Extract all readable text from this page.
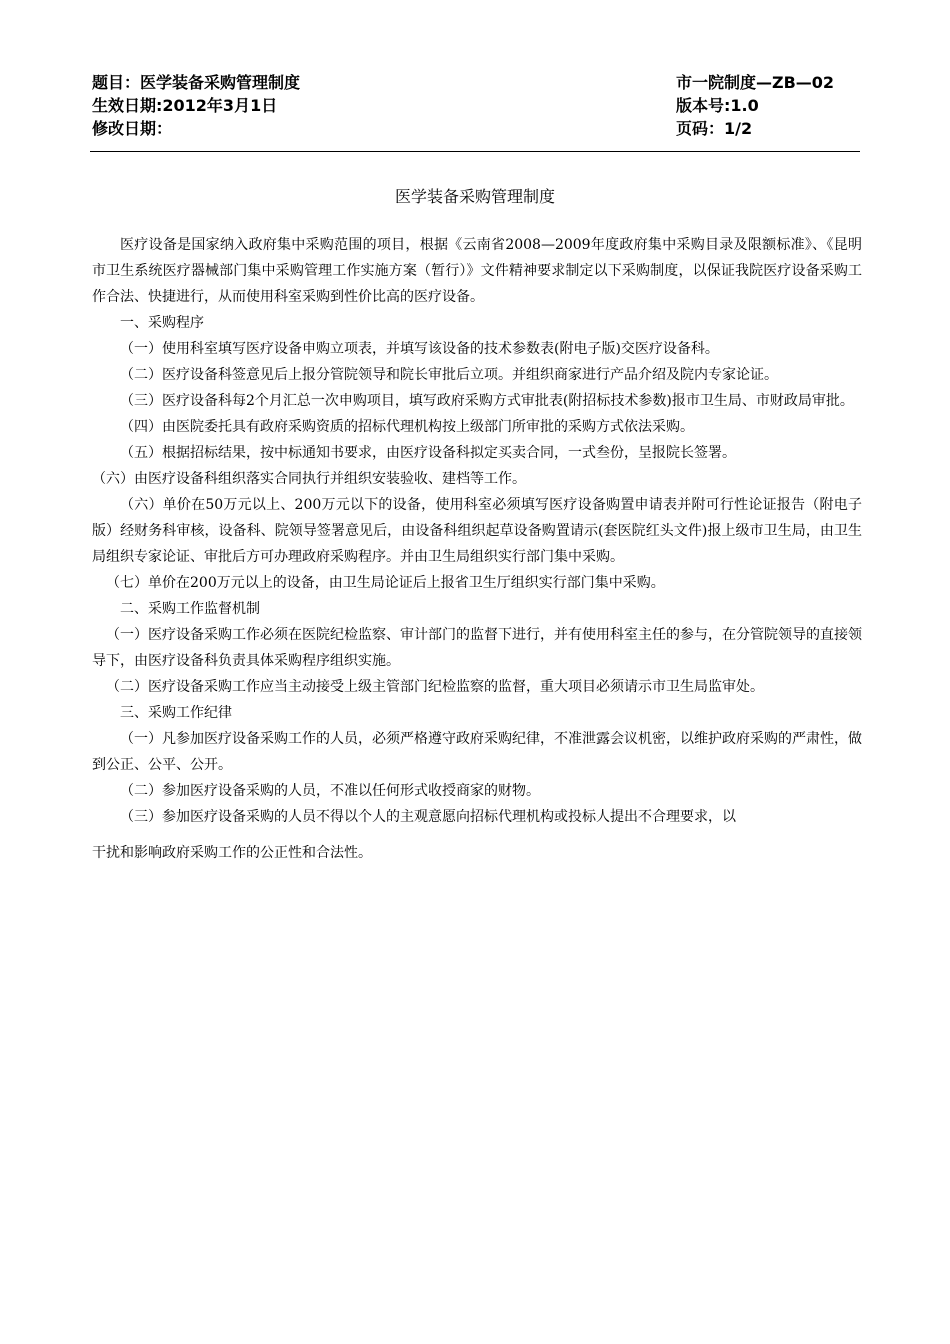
题目：医学装备采购管理制度	市一院制度—ZB—02
生效日期:2012年3月1日	版本号:1.0
修改日期：	页码：1/2
医学装备采购管理制度

医疗设备是国家纳入政府集中采购范围的项目，根据《云南省2008—2009年度政府集中采购目录及限额标准》、《昆明市卫生系统医疗器械部门集中采购管理工作实施方案（暂行）》文件精神要求制定以下采购制度，以保证我院医疗设备采购工作合法、快捷进行，从而使用科室采购到性价比高的医疗设备。

一、采购程序

（一）使用科室填写医疗设备申购立项表，并填写该设备的技术参数表(附电子版)交医疗设备科。

（二）医疗设备科签意见后上报分管院领导和院长审批后立项。并组织商家进行产品介绍及院内专家论证。

（三）医疗设备科每2个月汇总一次申购项目，填写政府采购方式审批表(附招标技术参数)报市卫生局、市财政局审批。

（四）由医院委托具有政府采购资质的招标代理机构按上级部门所审批的采购方式依法采购。

（五）根据招标结果，按中标通知书要求，由医疗设备科拟定买卖合同，一式叁份，呈报院长签署。

（六）由医疗设备科组织落实合同执行并组织安装验收、建档等工作。

（六）单价在50万元以上、200万元以下的设备，使用科室必须填写医疗设备购置申请表并附可行性论证报告（附电子版）经财务科审核，设备科、院领导签署意见后，由设备科组织起草设备购置请示(套医院红头文件)报上级市卫生局，由卫生局组织专家论证、审批后方可办理政府采购程序。并由卫生局组织实行部门集中采购。

（七）单价在200万元以上的设备，由卫生局论证后上报省卫生厅组织实行部门集中采购。

二、采购工作监督机制

（一）医疗设备采购工作必须在医院纪检监察、审计部门的监督下进行，并有使用科室主任的参与，在分管院领导的直接领导下，由医疗设备科负责具体采购程序组织实施。

（二）医疗设备采购工作应当主动接受上级主管部门纪检监察的监督，重大项目必须请示市卫生局监审处。

三、采购工作纪律

（一）凡参加医疗设备采购工作的人员，必须严格遵守政府采购纪律，不准泄露会议机密，以维护政府采购的严肃性，做到公正、公平、公开。

（二）参加医疗设备采购的人员，不准以任何形式收授商家的财物。

（三）参加医疗设备采购的人员不得以个人的主观意愿向招标代理机构或投标人提出不合理要求，以

干扰和影响政府采购工作的公正性和合法性。
